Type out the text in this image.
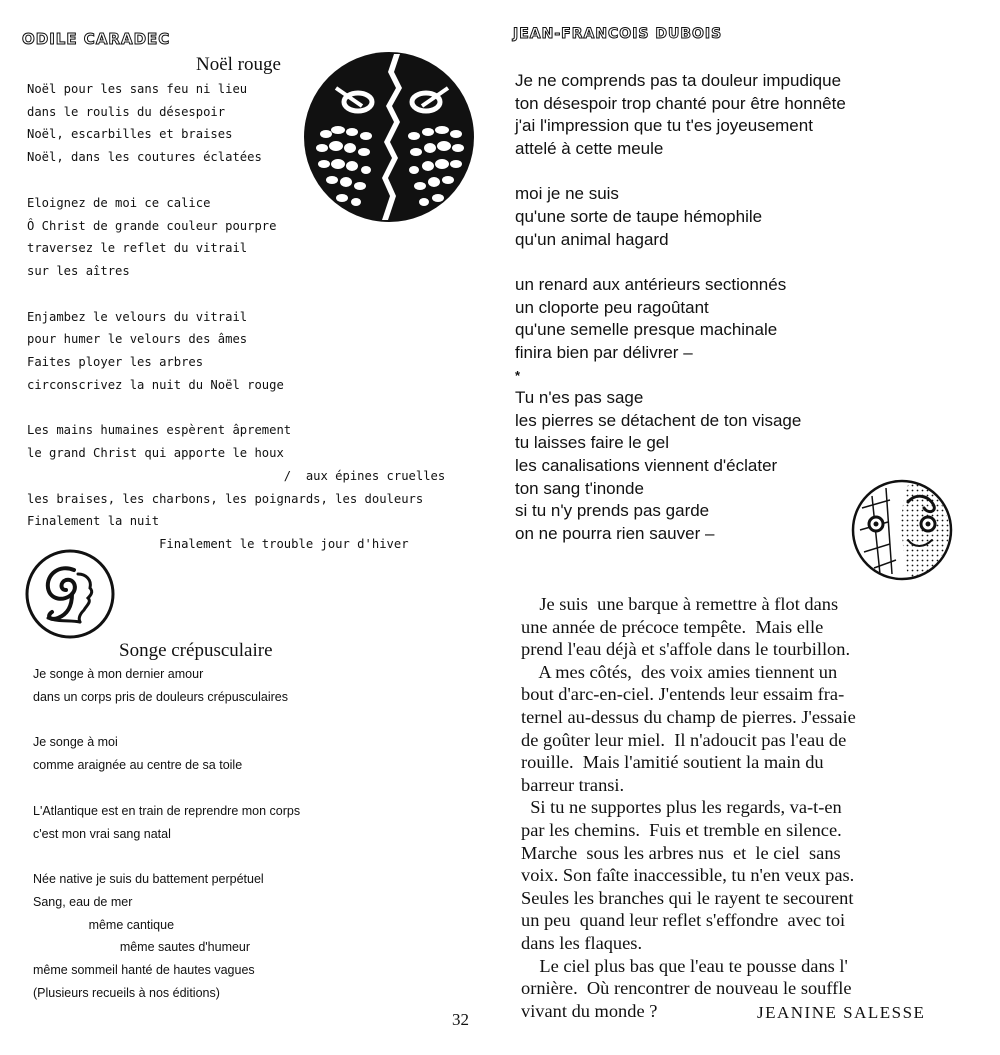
ODILE CARADEC
Noël rouge
Noël pour les sans feu ni lieu
dans le roulis du désespoir
Noël, escarbilles et braises
Noël, dans les coutures éclatées
Eloignez de moi ce calice
Ô Christ de grande couleur pourpre
traversez le reflet du vitrail
sur les aîtres
Enjambez le velours du vitrail
pour humer le velours des âmes
Faites ployer les arbres
circonscrivez la nuit du Noël rouge
Les mains humaines espèrent âprement
le grand Christ qui apporte le houx
/  aux épines cruelles
les braises, les charbons, les poignards, les douleurs
Finalement la nuit
Finalement le trouble jour d'hiver
Songe crépusculaire
Je songe à mon dernier amour
dans un corps pris de douleurs crépusculaires
Je songe à moi
comme araignée au centre de sa toile
L'Atlantique est en train de reprendre mon corps
c'est mon vrai sang natal
Née native je suis du battement perpétuel
Sang, eau de mer
même cantique
même sautes d'humeur
même sommeil hanté de hautes vagues
(Plusieurs recueils à nos éditions)
32
JEAN-FRANCOIS DUBOIS
Je ne comprends pas ta douleur impudique
ton désespoir trop chanté pour être honnête
j'ai l'impression que tu t'es joyeusement
attelé à cette meule
moi je ne suis
qu'une sorte de taupe hémophile
qu'un animal hagard
un renard aux antérieurs sectionnés
un cloporte peu ragoûtant
qu'une semelle presque machinale
finira bien par délivrer –
*
Tu n'es pas sage
les pierres se détachent de ton visage
tu laisses faire le gel
les canalisations viennent d'éclater
ton sang t'inonde
si tu n'y prends pas garde
on ne pourra rien sauver –
Je suis  une barque à remettre à flot dans
une année de précoce tempête.  Mais elle
prend l'eau déjà et s'affole dans le tourbillon.
A mes côtés,  des voix amies tiennent un
bout d'arc-en-ciel. J'entends leur essaim fra-
ternel au-dessus du champ de pierres. J'essaie
de goûter leur miel.  Il n'adoucit pas l'eau de
rouille.  Mais l'amitié soutient la main du
barreur transi.
Si tu ne supportes plus les regards, va-t-en
par les chemins.  Fuis et tremble en silence.
Marche  sous les arbres nus  et  le ciel  sans
voix. Son faîte inaccessible, tu n'en veux pas.
Seules les branches qui le rayent te secourent
un peu  quand leur reflet s'effondre  avec toi
dans les flaques.
Le ciel plus bas que l'eau te pousse dans l'
ornière.  Où rencontrer de nouveau le souffle
vivant du monde ?	JEANINE SALESSE
